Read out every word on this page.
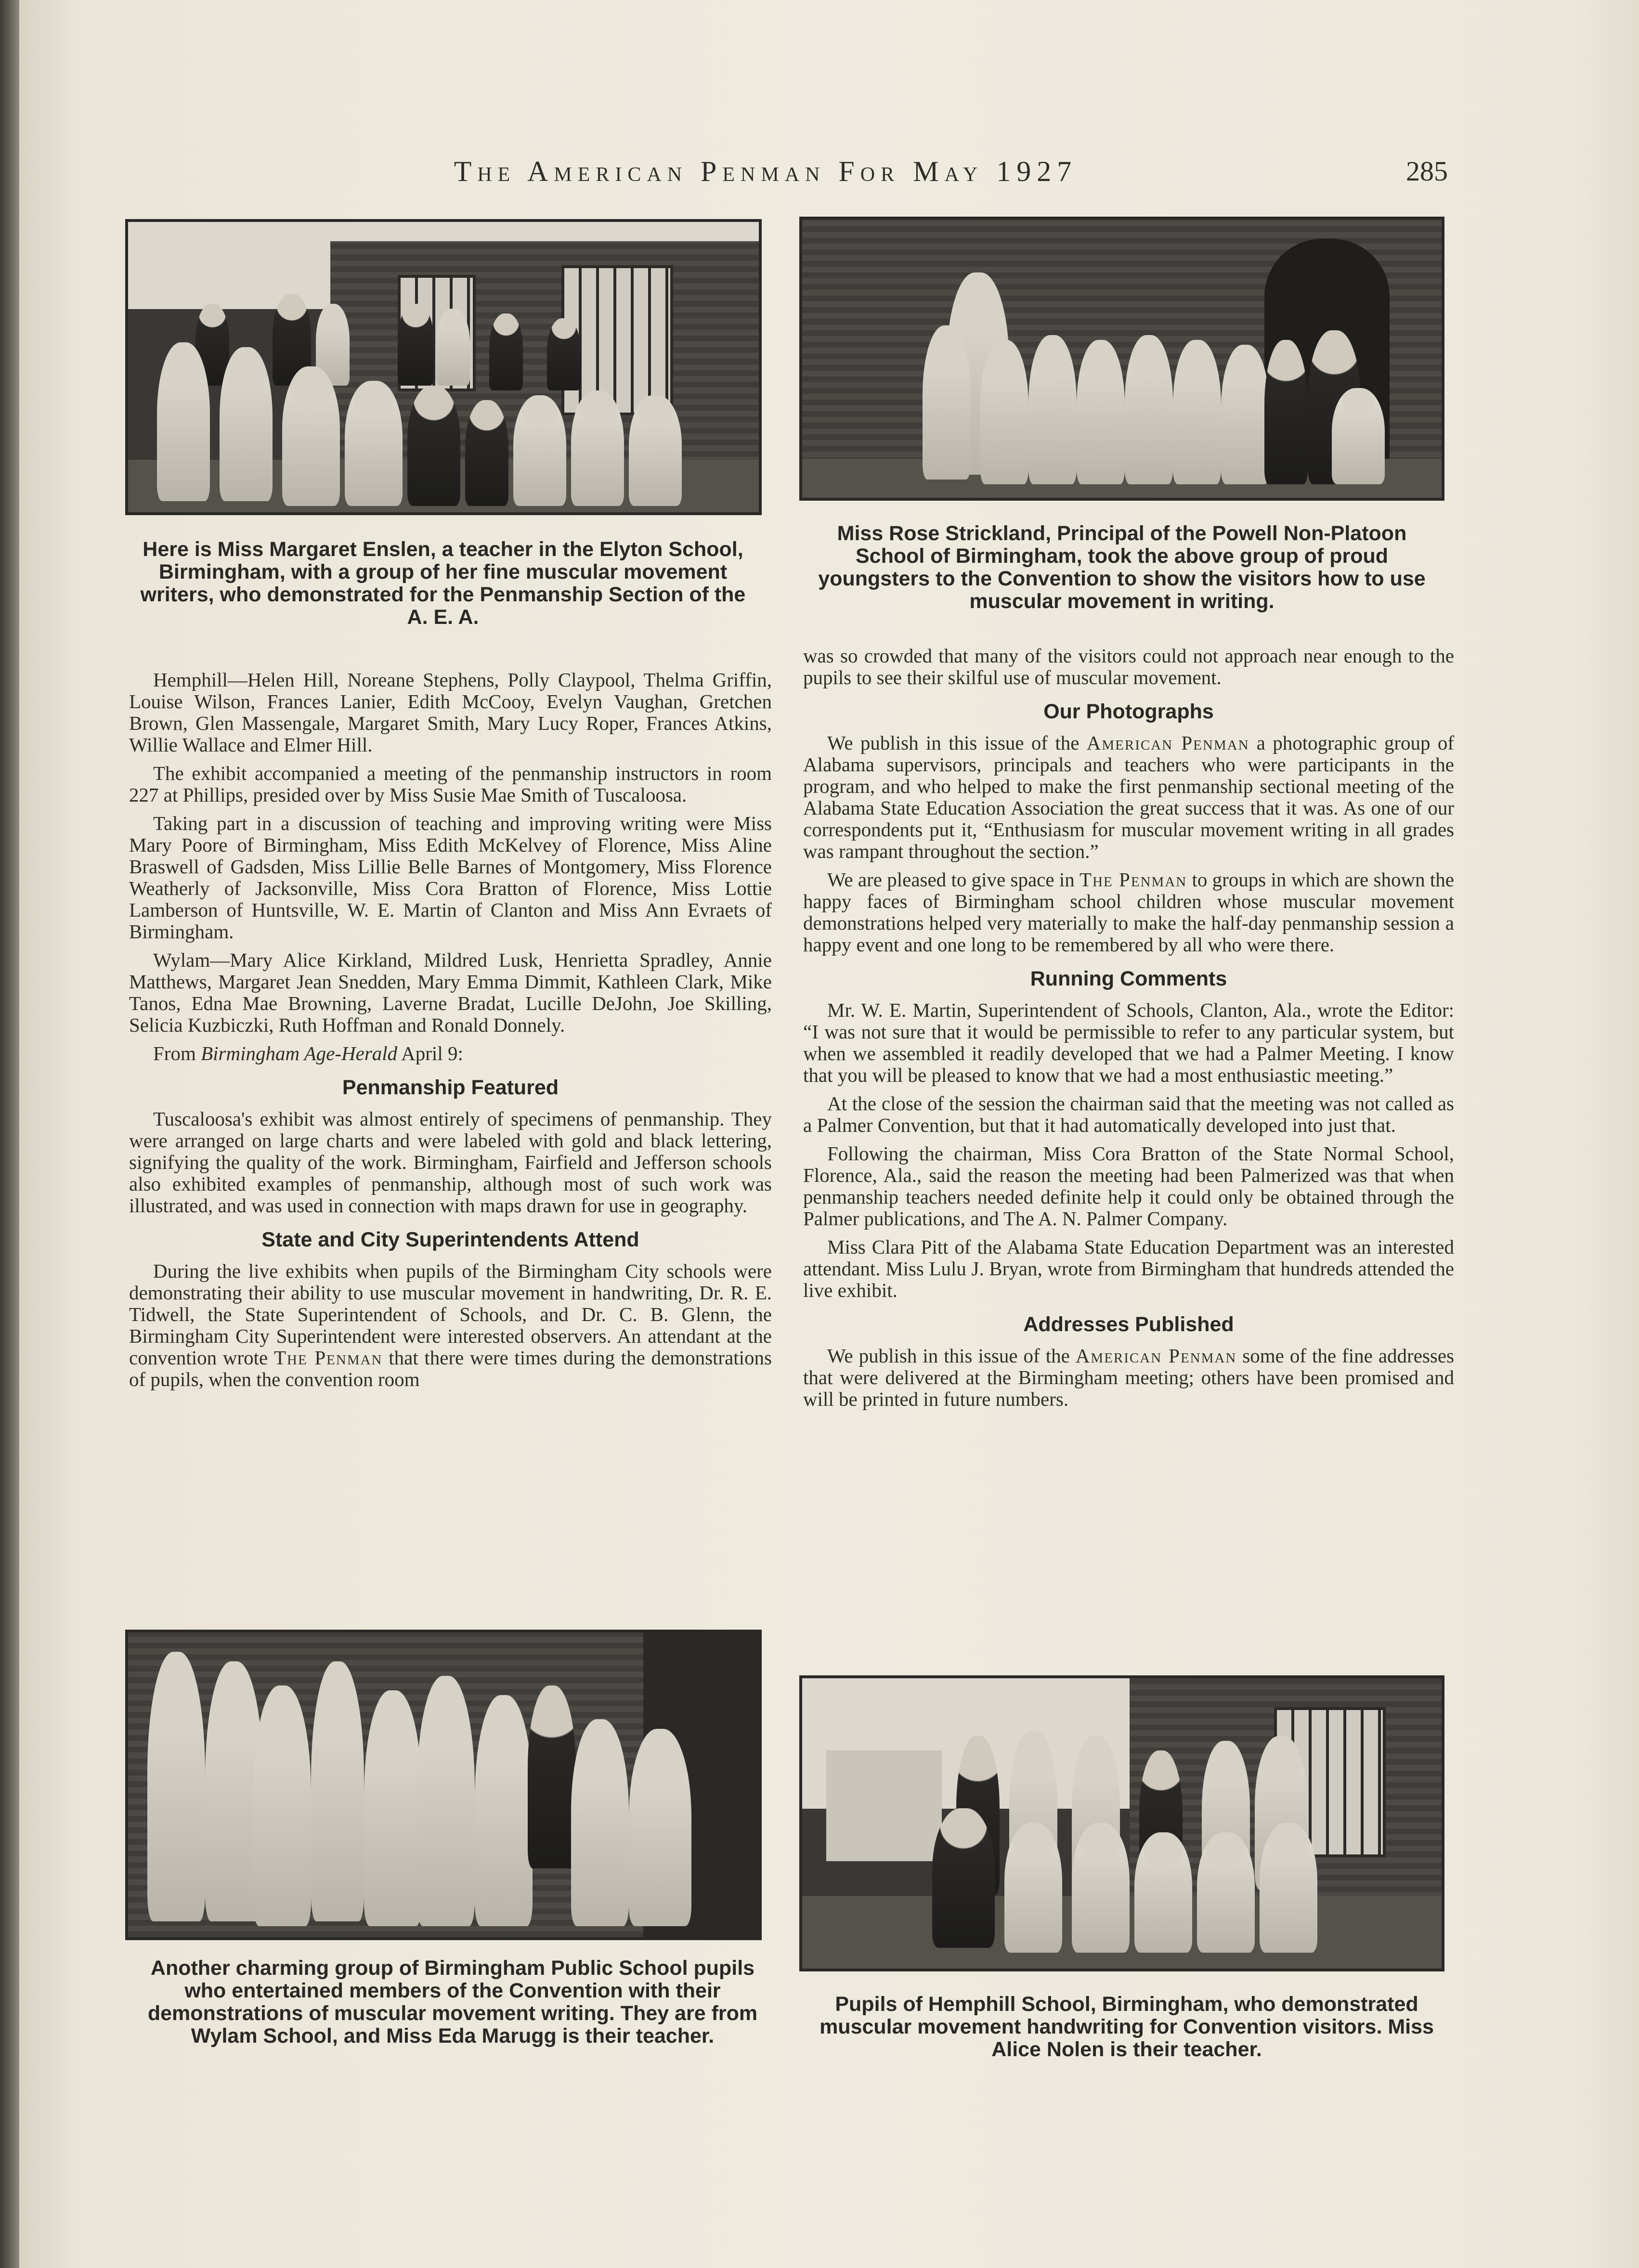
The American Penman For May 1927	285
Here is Miss Margaret Enslen, a teacher in the Elyton School, Birmingham, with a group of her fine muscular movement writers, who demonstrated for the Penmanship Section of the A. E. A.
Miss Rose Strickland, Principal of the Powell Non-Platoon School of Birmingham, took the above group of proud youngsters to the Convention to show the visitors how to use muscular movement in writing.

Hemphill—Helen Hill, Noreane Stephens, Polly Claypool, Thelma Griffin, Louise Wilson, Frances Lanier, Edith McCooy, Evelyn Vaughan, Gretchen Brown, Glen Massengale, Margaret Smith, Mary Lucy Roper, Frances Atkins, Willie Wallace and Elmer Hill.

The exhibit accompanied a meeting of the penmanship instructors in room 227 at Phillips, presided over by Miss Susie Mae Smith of Tuscaloosa.

Taking part in a discussion of teaching and improving writing were Miss Mary Poore of Birmingham, Miss Edith McKelvey of Florence, Miss Aline Braswell of Gadsden, Miss Lillie Belle Barnes of Montgomery, Miss Florence Weatherly of Jacksonville, Miss Cora Bratton of Florence, Miss Lottie Lamberson of Huntsville, W. E. Martin of Clanton and Miss Ann Evraets of Birmingham.

Wylam—Mary Alice Kirkland, Mildred Lusk, Henrietta Spradley, Annie Matthews, Margaret Jean Snedden, Mary Emma Dimmit, Kathleen Clark, Mike Tanos, Edna Mae Browning, Laverne Bradat, Lucille DeJohn, Joe Skilling, Selicia Kuzbiczki, Ruth Hoffman and Ronald Donnely.

From Birmingham Age-Herald April 9:

Penmanship Featured

Tuscaloosa's exhibit was almost entirely of specimens of penmanship. They were arranged on large charts and were labeled with gold and black lettering, signifying the quality of the work. Birmingham, Fairfield and Jefferson schools also exhibited examples of penmanship, although most of such work was illustrated, and was used in connection with maps drawn for use in geography.

State and City Superintendents Attend

During the live exhibits when pupils of the Birmingham City schools were demonstrating their ability to use muscular movement in handwriting, Dr. R. E. Tidwell, the State Superintendent of Schools, and Dr. C. B. Glenn, the Birmingham City Superintendent were interested observers. An attendant at the convention wrote The Penman that there were times during the demonstrations of pupils, when the convention room

was so crowded that many of the visitors could not approach near enough to the pupils to see their skilful use of muscular movement.

Our Photographs

We publish in this issue of the American Penman a photographic group of Alabama supervisors, principals and teachers who were participants in the program, and who helped to make the first penmanship sectional meeting of the Alabama State Education Association the great success that it was. As one of our correspondents put it, “Enthusiasm for muscular movement writing in all grades was rampant throughout the section.”

We are pleased to give space in The Penman to groups in which are shown the happy faces of Birmingham school children whose muscular movement demonstrations helped very materially to make the half-day penmanship session a happy event and one long to be remembered by all who were there.

Running Comments

Mr. W. E. Martin, Superintendent of Schools, Clanton, Ala., wrote the Editor: “I was not sure that it would be permissible to refer to any particular system, but when we assembled it readily developed that we had a Palmer Meeting. I know that you will be pleased to know that we had a most enthusiastic meeting.”

At the close of the session the chairman said that the meeting was not called as a Palmer Convention, but that it had automatically developed into just that.

Following the chairman, Miss Cora Bratton of the State Normal School, Florence, Ala., said the reason the meeting had been Palmerized was that when penmanship teachers needed definite help it could only be obtained through the Palmer publications, and The A. N. Palmer Company.

Miss Clara Pitt of the Alabama State Education Department was an interested attendant. Miss Lulu J. Bryan, wrote from Birmingham that hundreds attended the live exhibit.

Addresses Published

We publish in this issue of the American Penman some of the fine addresses that were delivered at the Birmingham meeting; others have been promised and will be printed in future numbers.

Another charming group of Birmingham Public School pupils who entertained members of the Convention with their demonstrations of muscular movement writing. They are from Wylam School, and Miss Eda Marugg is their teacher.
Pupils of Hemphill School, Birmingham, who demonstrated muscular movement handwriting for Convention visitors. Miss Alice Nolen is their teacher.
